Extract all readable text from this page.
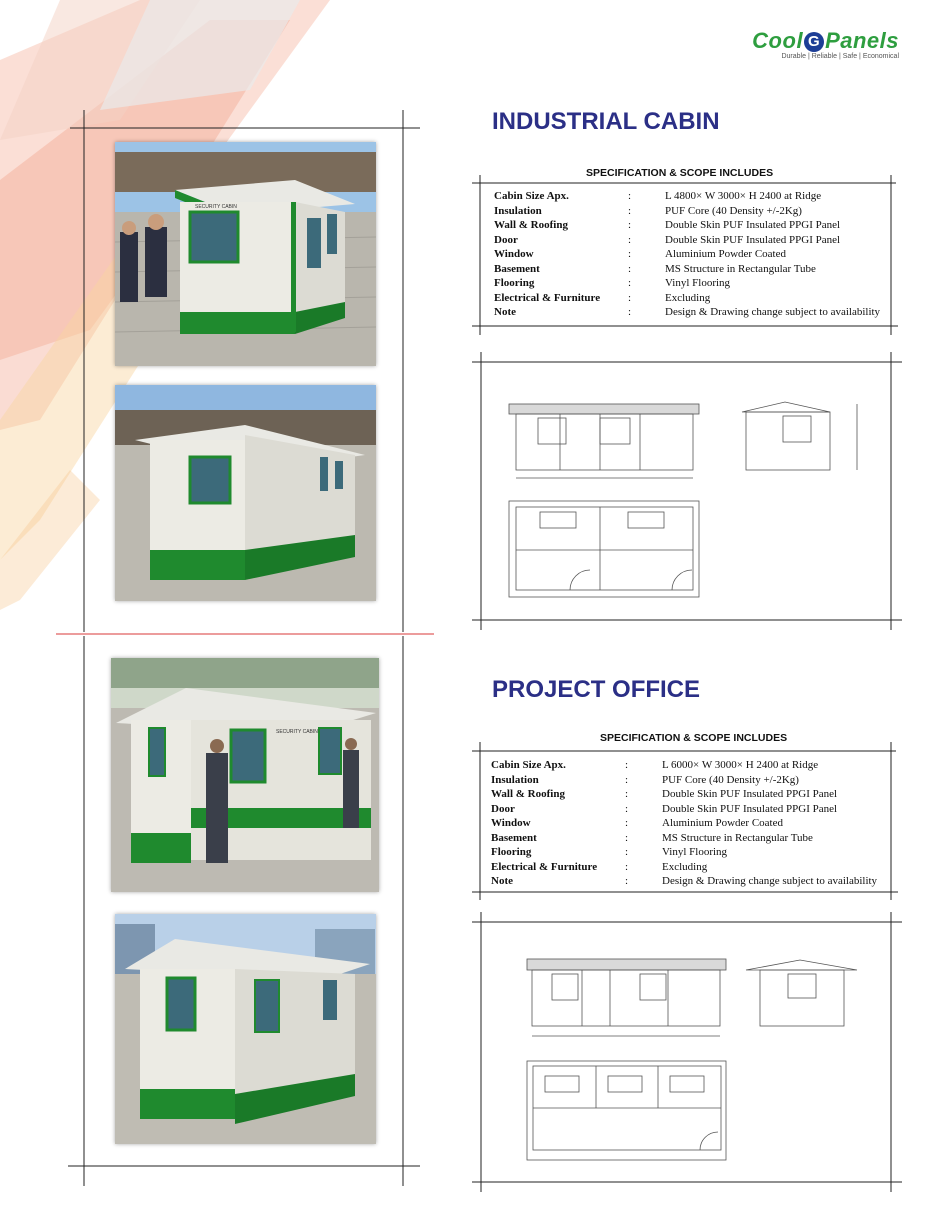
Cool G Panels
Durable | Reliable | Safe | Economical
INDUSTRIAL CABIN
SPECIFICATION & SCOPE INCLUDES
Cabin Size Apx.	:	L 4800× W 3000× H 2400 at Ridge
Insulation	:	PUF Core (40 Density +/-2Kg)
Wall & Roofing	:	Double Skin PUF Insulated PPGI Panel
Door	:	Double Skin PUF Insulated PPGI Panel
Window	:	Aluminium Powder Coated
Basement	:	MS Structure in Rectangular Tube
Flooring	:	Vinyl Flooring
Electrical & Furniture	:	Excluding
Note	:	Design & Drawing change subject to availability
PROJECT OFFICE
SPECIFICATION & SCOPE INCLUDES
Cabin Size Apx.	:	L 6000× W 3000× H 2400 at Ridge
Insulation	:	PUF Core (40 Density +/-2Kg)
Wall & Roofing	:	Double Skin PUF Insulated PPGI Panel
Door	:	Double Skin PUF Insulated PPGI Panel
Window	:	Aluminium Powder Coated
Basement	:	MS Structure in Rectangular Tube
Flooring	:	Vinyl Flooring
Electrical & Furniture	:	Excluding
Note	:	Design & Drawing change subject to availability
SECURITY CABIN
SECURITY CABIN
